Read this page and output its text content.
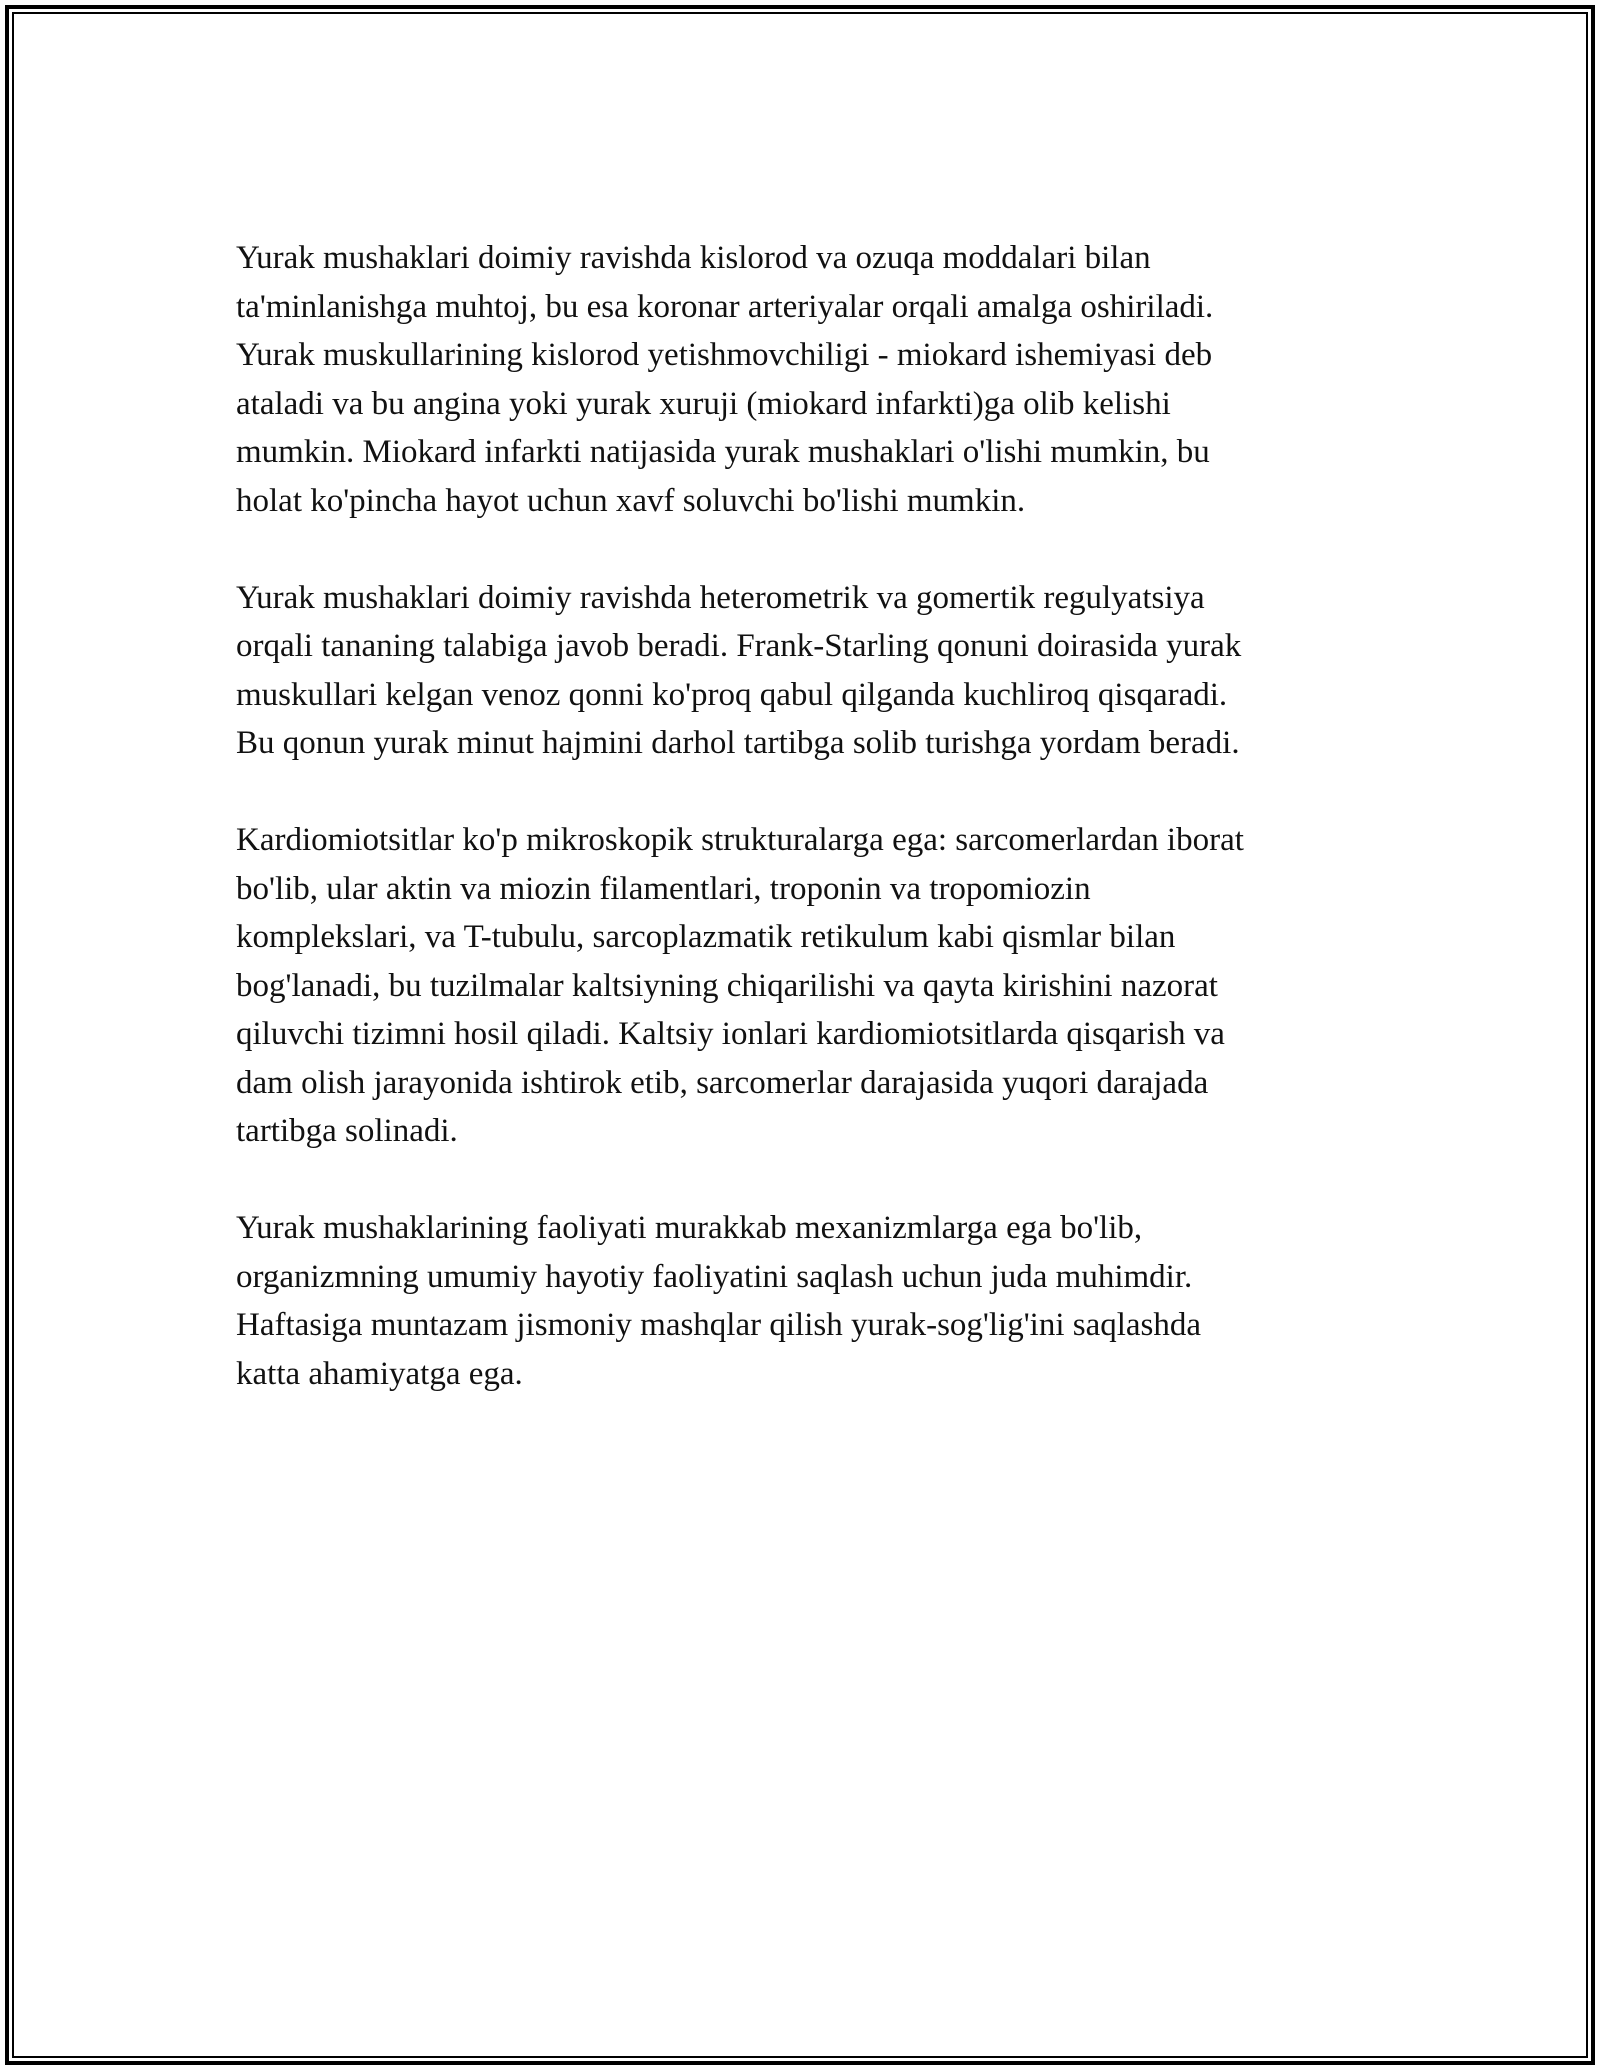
Yurak mushaklari doimiy ravishda kislorod va ozuqa moddalari bilan
ta'minlanishga muhtoj, bu esa koronar arteriyalar orqali amalga oshiriladi.
Yurak muskullarining kislorod yetishmovchiligi - miokard ishemiyasi deb
ataladi va bu angina yoki yurak xuruji (miokard infarkti)ga olib kelishi
mumkin. Miokard infarkti natijasida yurak mushaklari o'lishi mumkin, bu
holat ko'pincha hayot uchun xavf soluvchi bo'lishi mumkin.

Yurak mushaklari doimiy ravishda heterometrik va gomertik regulyatsiya
orqali tananing talabiga javob beradi. Frank-Starling qonuni doirasida yurak
muskullari kelgan venoz qonni ko'proq qabul qilganda kuchliroq qisqaradi.
Bu qonun yurak minut hajmini darhol tartibga solib turishga yordam beradi.

Kardiomiotsitlar ko'p mikroskopik strukturalarga ega: sarcomerlardan iborat
bo'lib, ular aktin va miozin filamentlari, troponin va tropomiozin
komplekslari, va T-tubulu, sarcoplazmatik retikulum kabi qismlar bilan
bog'lanadi, bu tuzilmalar kaltsiyning chiqarilishi va qayta kirishini nazorat
qiluvchi tizimni hosil qiladi. Kaltsiy ionlari kardiomiotsitlarda qisqarish va
dam olish jarayonida ishtirok etib, sarcomerlar darajasida yuqori darajada
tartibga solinadi.

Yurak mushaklarining faoliyati murakkab mexanizmlarga ega bo'lib,
organizmning umumiy hayotiy faoliyatini saqlash uchun juda muhimdir.
Haftasiga muntazam jismoniy mashqlar qilish yurak-sog'lig'ini saqlashda
katta ahamiyatga ega.
